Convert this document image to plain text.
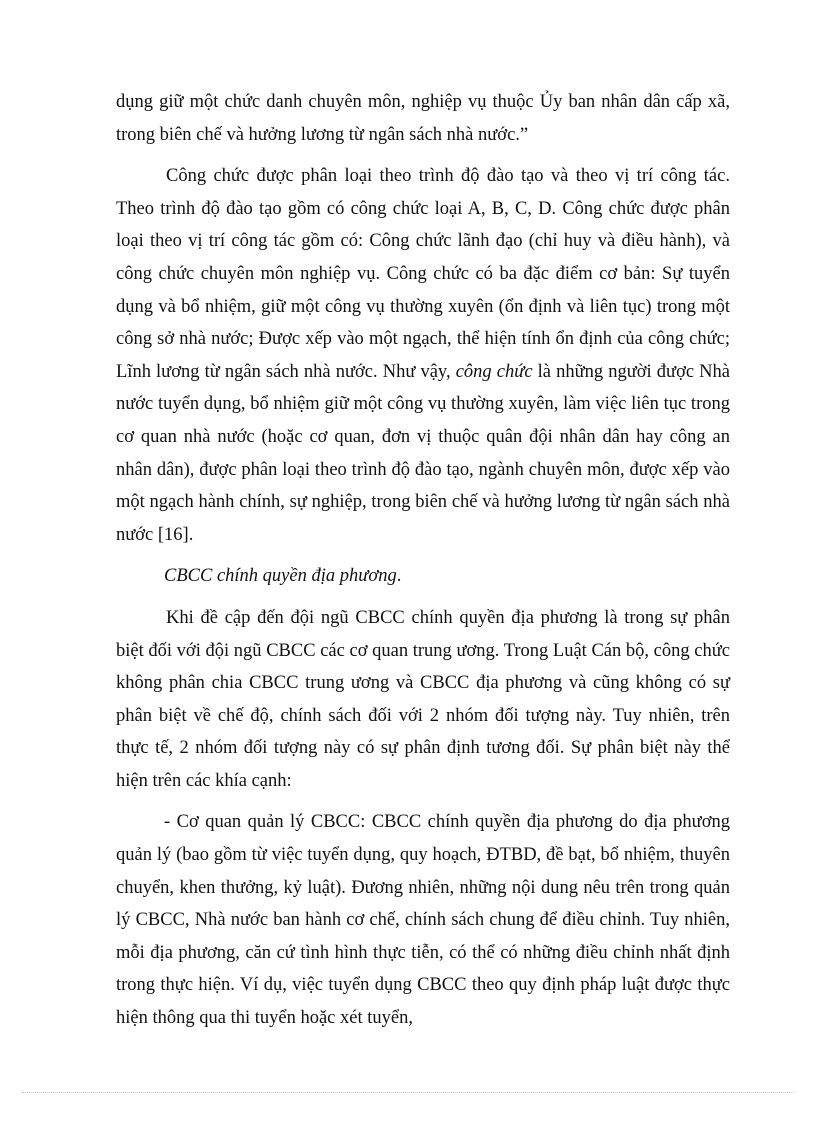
dụng giữ một chức danh chuyên môn, nghiệp vụ thuộc Ủy ban nhân dân cấp xã, trong biên chế và hưởng lương từ ngân sách nhà nước.”

Công chức được phân loại theo trình độ đào tạo và theo vị trí công tác. Theo trình độ đào tạo gồm có công chức loại A, B, C, D. Công chức được phân loại theo vị trí công tác gồm có: Công chức lãnh đạo (chỉ huy và điều hành), và công chức chuyên môn nghiệp vụ. Công chức có ba đặc điểm cơ bản: Sự tuyển dụng và bổ nhiệm, giữ một công vụ thường xuyên (ổn định và liên tục) trong một công sở nhà nước; Được xếp vào một ngạch, thể hiện tính ổn định của công chức; Lĩnh lương từ ngân sách nhà nước. Như vậy, công chức là những người được Nhà nước tuyển dụng, bổ nhiệm giữ một công vụ thường xuyên, làm việc liên tục trong cơ quan nhà nước (hoặc cơ quan, đơn vị thuộc quân đội nhân dân hay công an nhân dân), được phân loại theo trình độ đào tạo, ngành chuyên môn, được xếp vào một ngạch hành chính, sự nghiệp, trong biên chế và hưởng lương từ ngân sách nhà nước [16].

CBCC chính quyền địa phương.

Khi đề cập đến đội ngũ CBCC chính quyền địa phương là trong sự phân biệt đối với đội ngũ CBCC các cơ quan trung ương. Trong Luật Cán bộ, công chức không phân chia CBCC trung ương và CBCC địa phương và cũng không có sự phân biệt về chế độ, chính sách đối với 2 nhóm đối tượng này. Tuy nhiên, trên thực tế, 2 nhóm đối tượng này có sự phân định tương đối. Sự phân biệt này thể hiện trên các khía cạnh:

- Cơ quan quản lý CBCC: CBCC chính quyền địa phương do địa phương quản lý (bao gồm từ việc tuyển dụng, quy hoạch, ĐTBD, đề bạt, bổ nhiệm, thuyên chuyển, khen thưởng, kỷ luật). Đương nhiên, những nội dung nêu trên trong quản lý CBCC, Nhà nước ban hành cơ chế, chính sách chung để điều chỉnh. Tuy nhiên, mỗi địa phương, căn cứ tình hình thực tiễn, có thể có những điều chỉnh nhất định trong thực hiện. Ví dụ, việc tuyển dụng CBCC theo quy định pháp luật được thực hiện thông qua thi tuyển hoặc xét tuyển,
